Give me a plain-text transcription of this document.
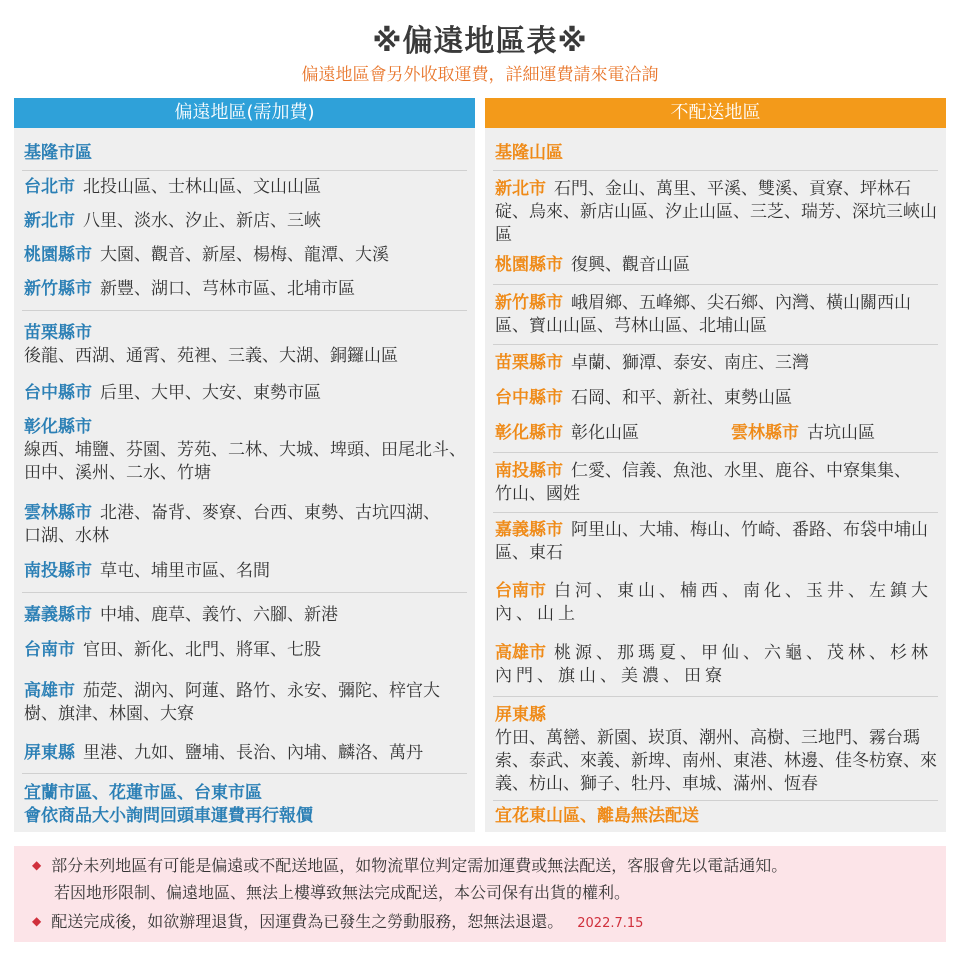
※偏遠地區表※
偏遠地區會另外收取運費，詳細運費請來電洽詢
偏遠地區(需加費)
基隆市區
台北市 北投山區、士林山區、文山山區
新北市 八里、淡水、汐止、新店、三峽
桃園縣市 大園、觀音、新屋、楊梅、龍潭、大溪
新竹縣市 新豐、湖口、芎林市區、北埔市區
苗栗縣市
後龍、西湖、通霄、苑裡、三義、大湖、銅鑼山區
台中縣市 后里、大甲、大安、東勢市區
彰化縣市
線西、埔鹽、芬園、芳苑、二林、大城、埤頭、田尾北斗、田中、溪州、二水、竹塘
雲林縣市 北港、崙背、麥寮、台西、東勢、古坑四湖、口湖、水林
南投縣市 草屯、埔里市區、名間
嘉義縣市 中埔、鹿草、義竹、六腳、新港
台南市 官田、新化、北門、將軍、七股
高雄市 茄萣、湖內、阿蓮、路竹、永安、彌陀、梓官大樹、旗津、林園、大寮
屏東縣 里港、九如、鹽埔、長治、內埔、麟洛、萬丹
宜蘭市區、花蓮市區、台東市區
會依商品大小詢問回頭車運費再行報價
不配送地區
基隆山區
新北市 石門、金山、萬里、平溪、雙溪、貢寮、坪林石碇、烏來、新店山區、汐止山區、三芝、瑞芳、深坑三峽山區
桃園縣市 復興、觀音山區
新竹縣市 峨眉鄉、五峰鄉、尖石鄉、內灣、橫山關西山區、寶山山區、芎林山區、北埔山區
苗栗縣市 卓蘭、獅潭、泰安、南庄、三灣
台中縣市 石岡、和平、新社、東勢山區
彰化縣市 彰化山區	雲林縣市 古坑山區
南投縣市 仁愛、信義、魚池、水里、鹿谷、中寮集集、竹山、國姓
嘉義縣市 阿里山、大埔、梅山、竹崎、番路、布袋中埔山區、東石
台南市 白河、東山、楠西、南化、玉井、左鎮大內、山上
高雄市 桃源、那瑪夏、甲仙、六龜、茂林、杉林內門、旗山、美濃、田寮
屏東縣
竹田、萬巒、新園、崁頂、潮州、高樹、三地門、霧台瑪索、泰武、來義、新埤、南州、東港、林邊、佳冬枋寮、來義、枋山、獅子、牡丹、車城、滿州、恆春
宜花東山區、離島無法配送
◆ 部分未列地區有可能是偏遠或不配送地區，如物流單位判定需加運費或無法配送，客服會先以電話通知。
若因地形限制、偏遠地區、無法上樓導致無法完成配送，本公司保有出貨的權利。
◆ 配送完成後，如欲辦理退貨，因運費為已發生之勞動服務，恕無法退還。 2022.7.15
